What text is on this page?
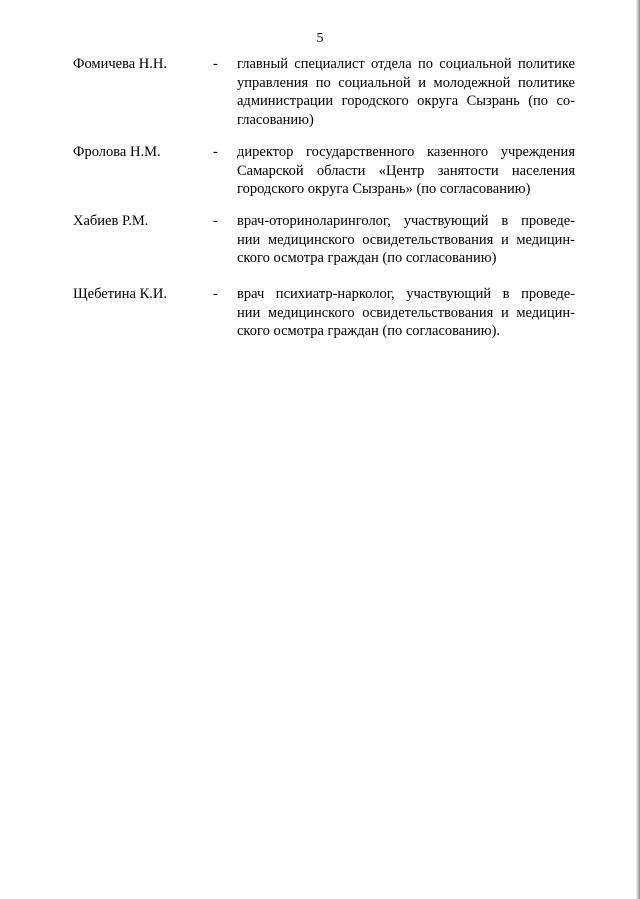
5
Фомичева Н.Н.	- главный специалист отдела по социальной политике
управления по социальной и молодежной политике
администрации городского округа Сызрань (по со-
гласованию)
Фролова Н.М.	- директор государственного казенного учреждения
Самарской области «Центр занятости населения
городского округа Сызрань» (по согласованию)
Хабиев Р.М.	- врач-оториноларинголог, участвующий в проведе-
нии медицинского освидетельствования и медицин-
ского осмотра граждан (по согласованию)
Щебетина К.И.	- врач психиатр-нарколог, участвующий в проведе-
нии медицинского освидетельствования и медицин-
ского осмотра граждан (по согласованию).
